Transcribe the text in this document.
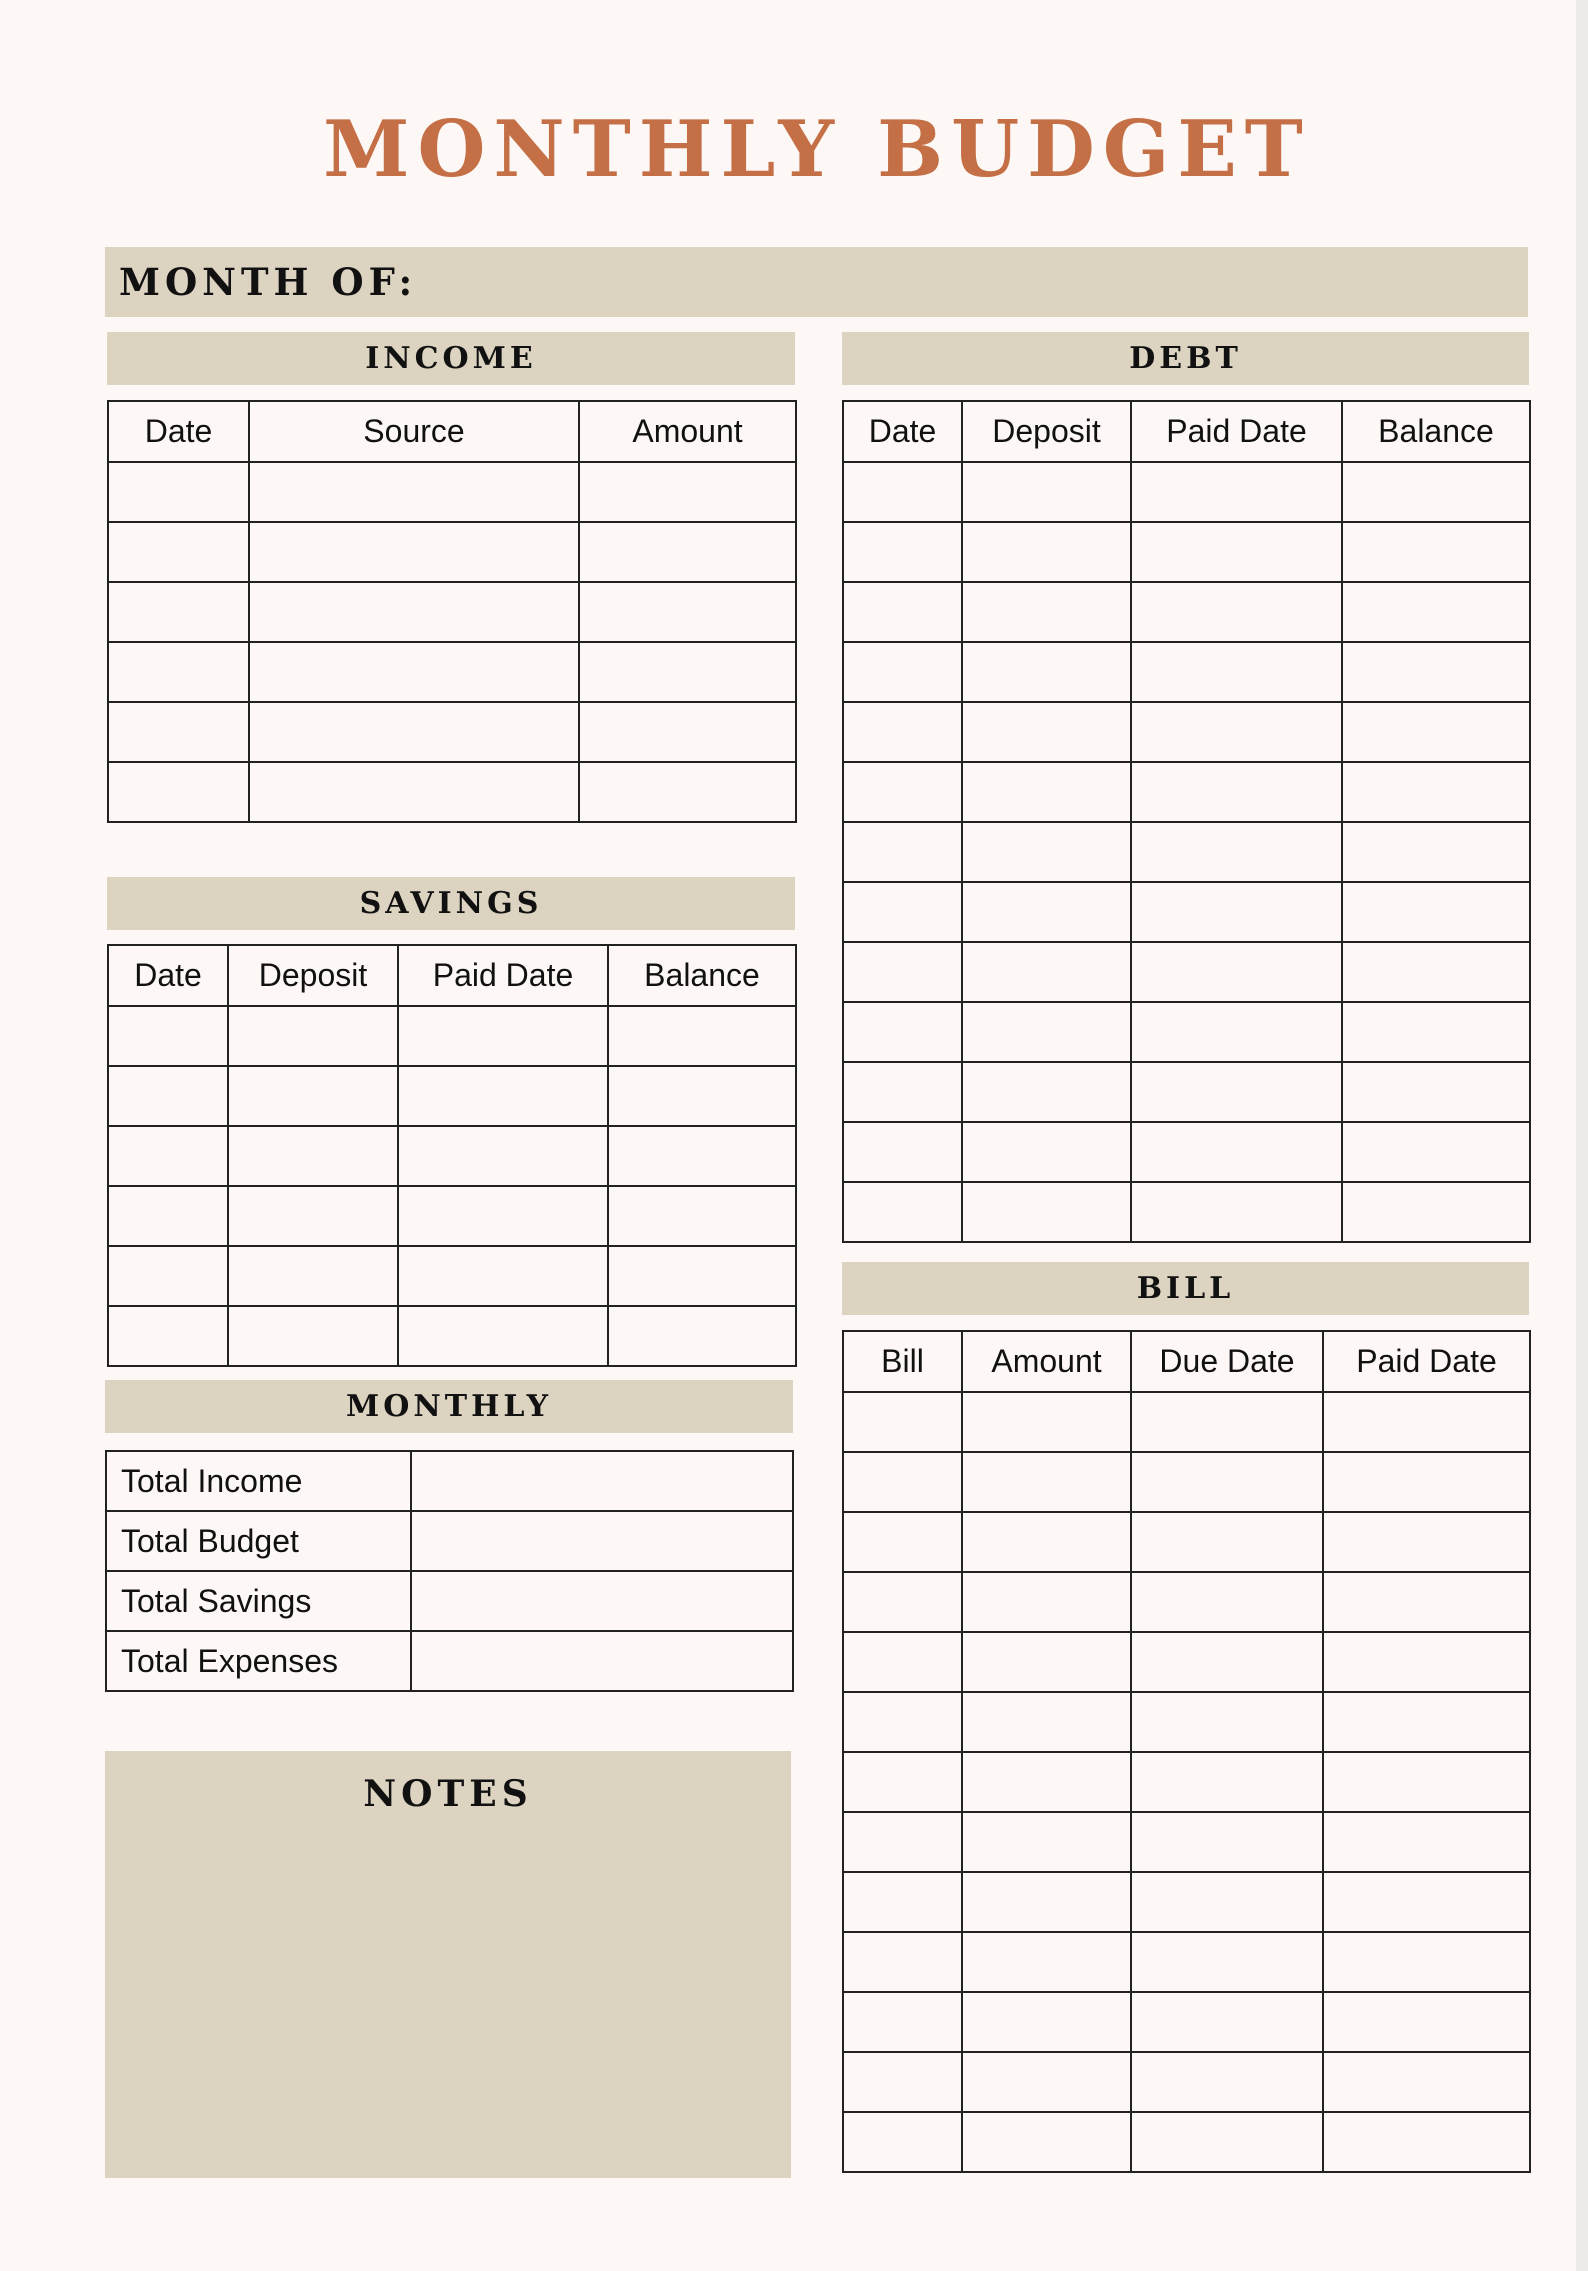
MONTHLY BUDGET
MONTH OF:
INCOME
Date	Source	Amount

SAVINGS
Date	Deposit	Paid Date	Balance

MONTHLY
Total Income	
Total Budget	
Total Savings	
Total Expenses	
NOTES
DEBT
Date	Deposit	Paid Date	Balance

BILL
Bill	Amount	Due Date	Paid Date
